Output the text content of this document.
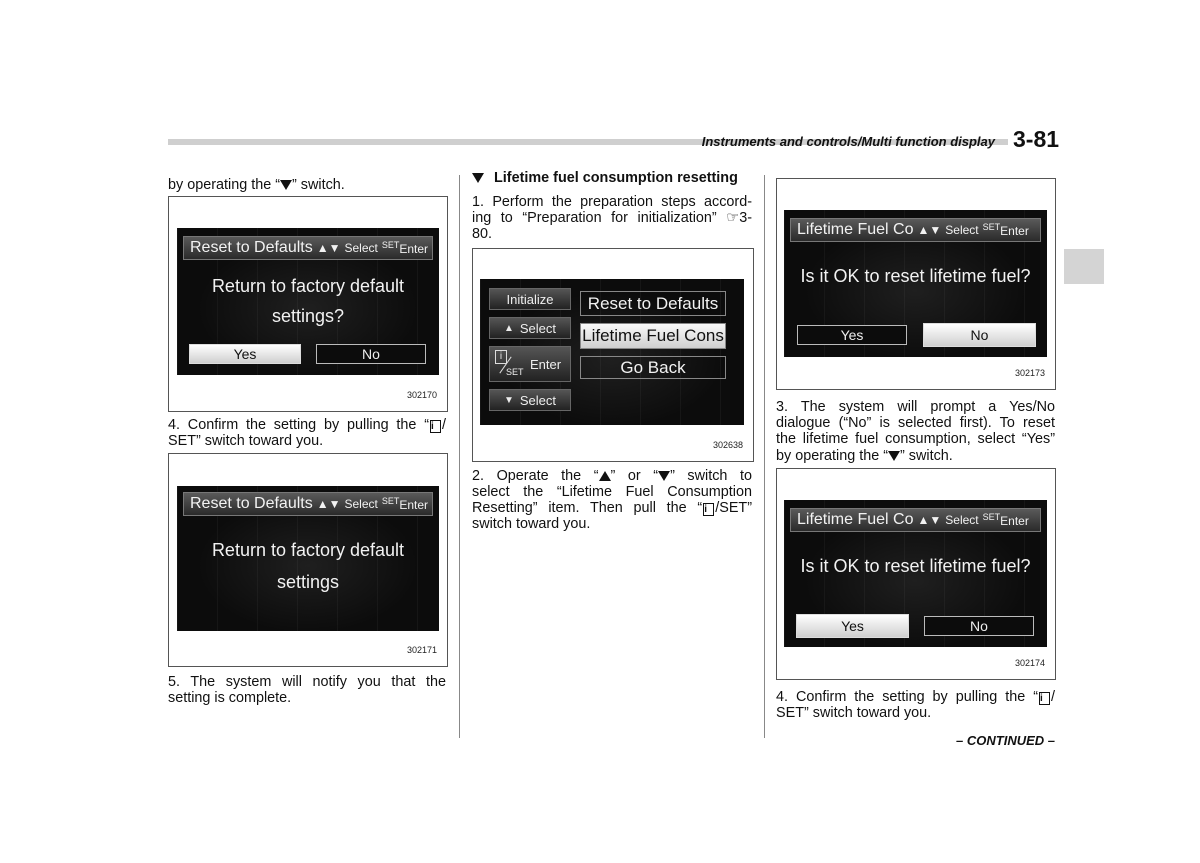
Instruments and controls/Multi function display 3-81
by operating the “ ” switch.
Reset to Defaults ▲▼ Select $^{SET}$Enter
Return to factory default
settings?
Yes	No
302170
4. Confirm the setting by pulling the “ i /
SET” switch toward you.
Reset to Defaults ▲▼ Select $^{SET}$Enter
Return to factory default
settings
302171
5. The system will notify you that the
setting is complete.
Lifetime fuel consumption resetting
1. Perform the preparation steps accord-
ing to “Preparation for initialization” ☞3-
80.
Initialize
▲ Select
i
SET
Enter
▼ Select
Reset to Defaults
Lifetime Fuel Cons
Go Back
302638
2. Operate the “ ” or “ ” switch to
select the “Lifetime Fuel Consumption
Resetting” item. Then pull the “ i /SET”
switch toward you.
Lifetime Fuel Co ▲▼ Select $^{SET}$Enter
Is it OK to reset lifetime fuel?
Yes	No
302173
3. The system will prompt a Yes/No
dialogue (“No” is selected first). To reset
the lifetime fuel consumption, select “Yes”
by operating the “ ” switch.
Lifetime Fuel Co ▲▼ Select $^{SET}$Enter
Is it OK to reset lifetime fuel?
Yes	No
302174
4. Confirm the setting by pulling the “ i /
SET” switch toward you.
– CONTINUED –
